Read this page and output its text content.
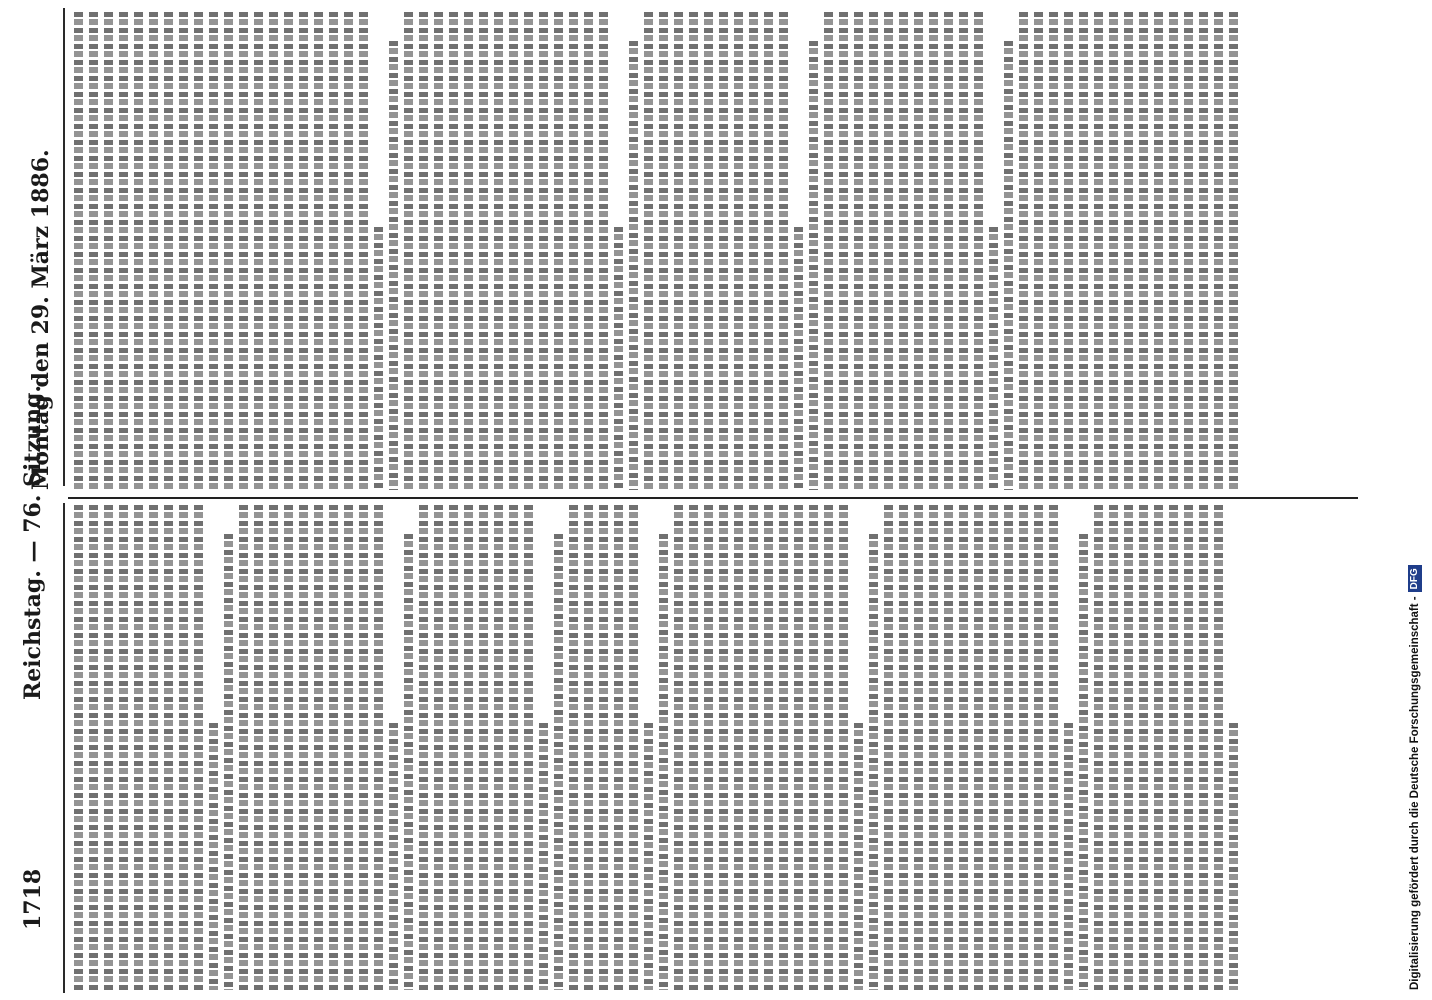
1718
Reichstag. — 76. Sitzung.
Montag den 29. März 1886.
Digitalisierung gefördert durch die Deutsche Forschungsgemeinschaft -
DFG
